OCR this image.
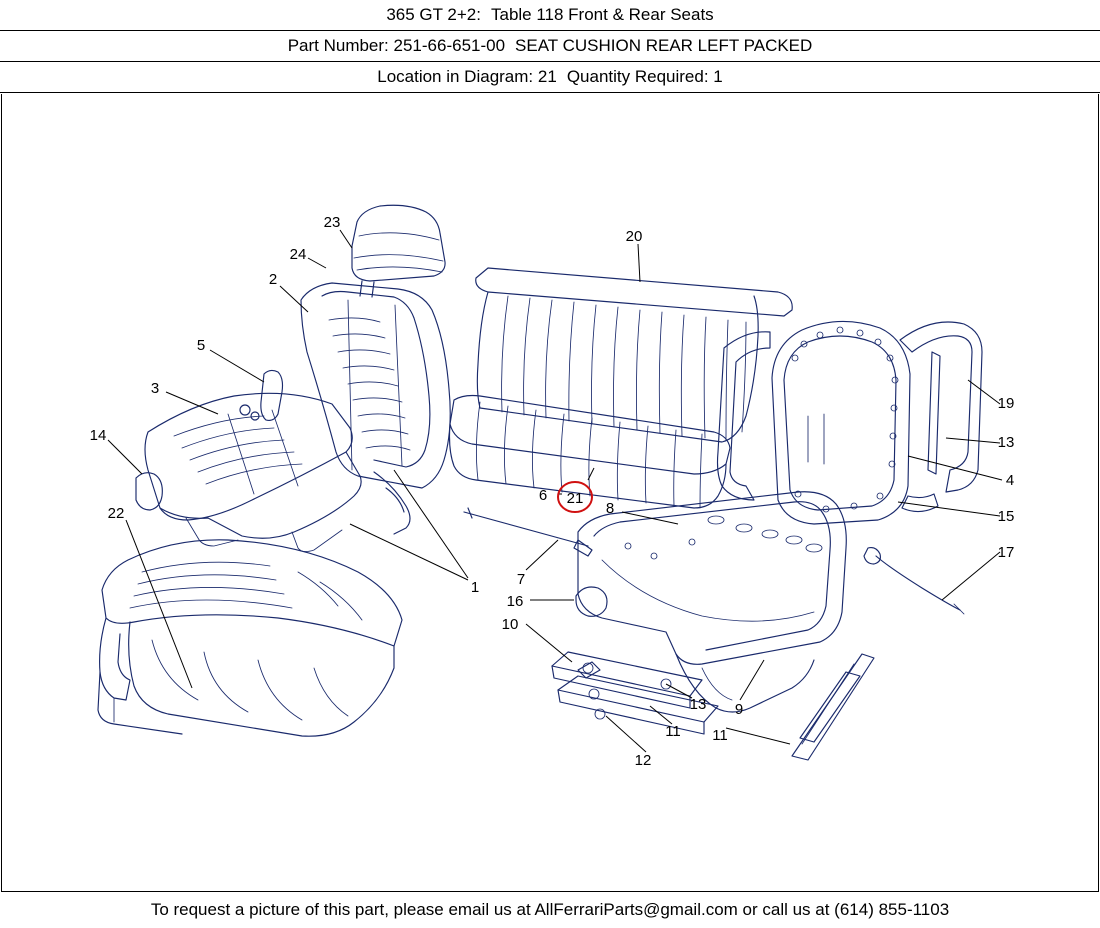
365 GT 2+2: Table 118 Front & Rear Seats
Part Number: 251-66-651-00 SEAT CUSHION REAR LEFT PACKED
Location in Diagram: 21 Quantity Required: 1
23
24
2
20
5
3
14
19
13
4
15
17
6 21
8
22
1	7
16
10
13 9
11 11
12
To request a picture of this part, please email us at AllFerrariParts@gmail.com or call us at (614) 855-1103
